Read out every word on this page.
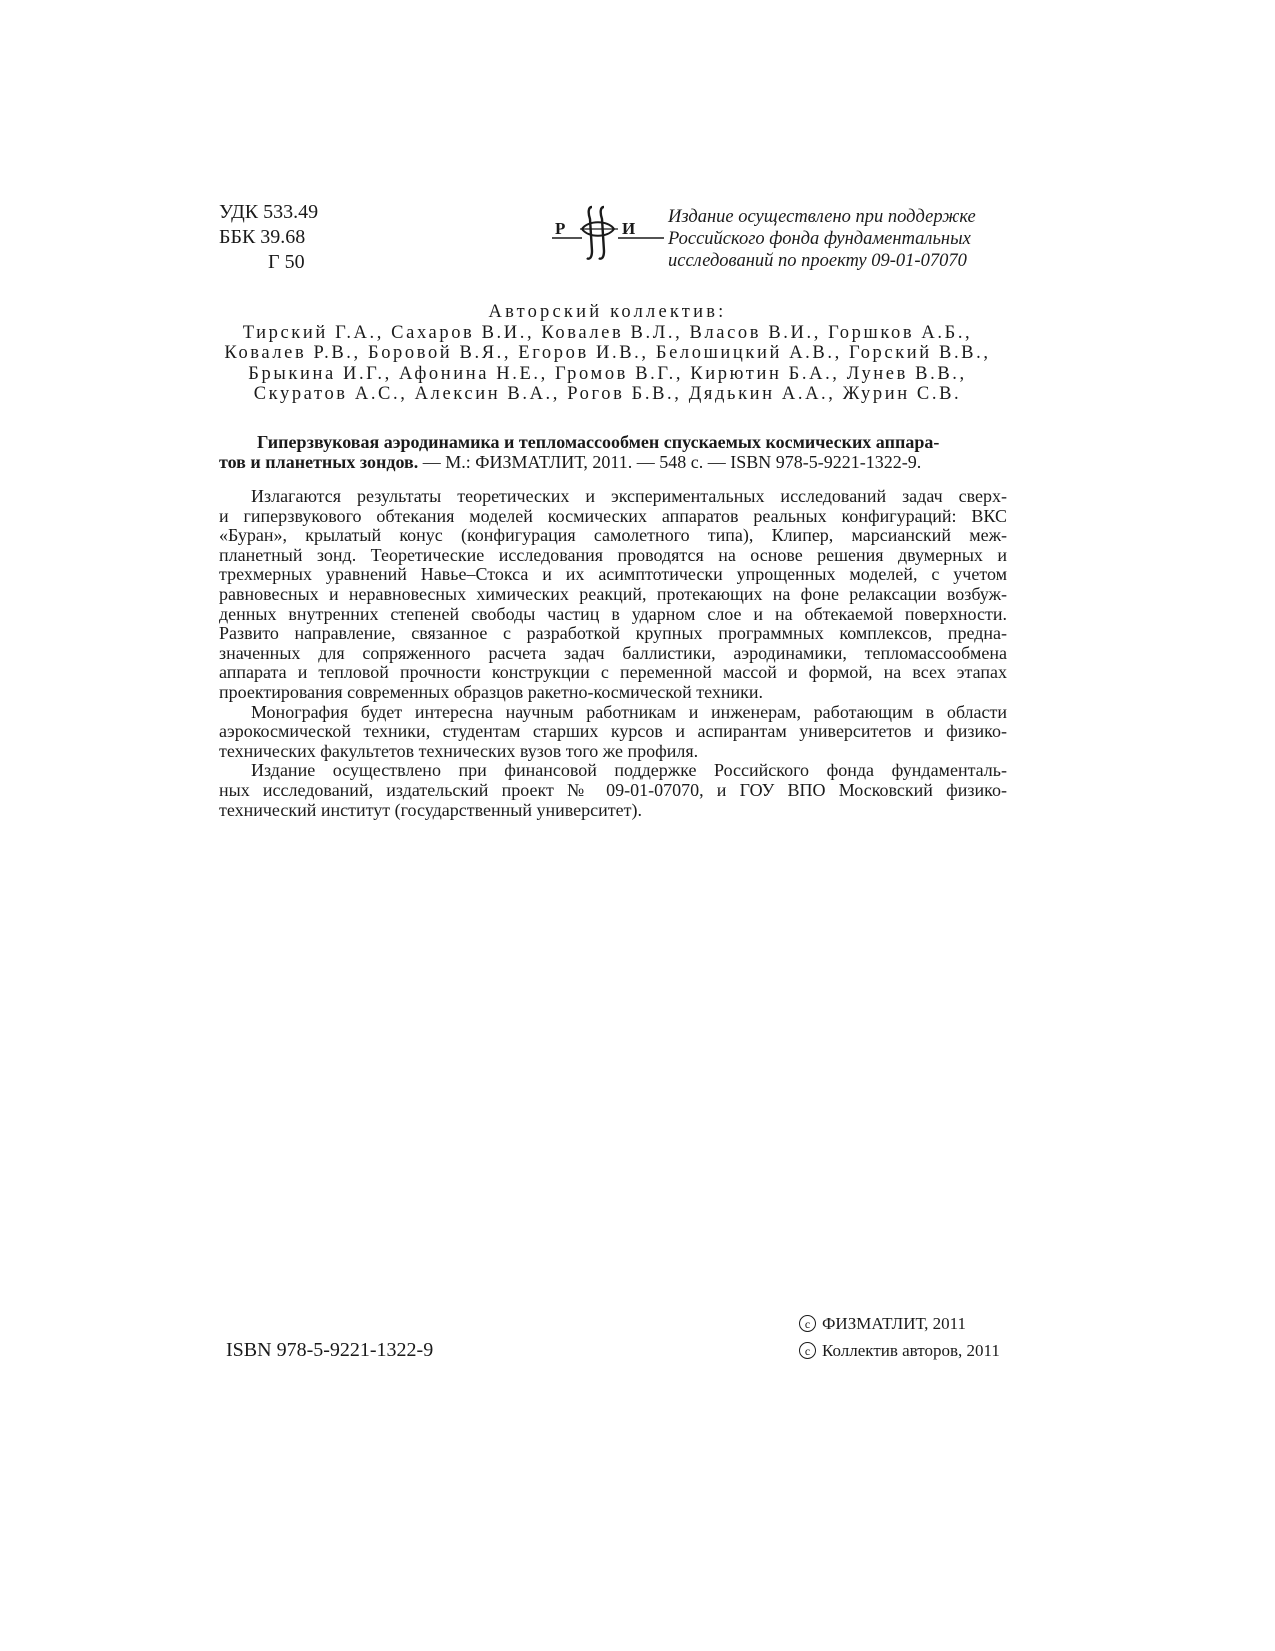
УДК 533.49
ББК 39.68
Г 50
Р	И
Издание осуществлено при поддержке
Российского фонда фундаментальных
исследований по проекту 09-01-07070
Авторский коллектив:
Тирский Г.А., Сахаров В.И., Ковалев В.Л., Власов В.И., Горшков А.Б.,
Ковалев Р.В., Боровой В.Я., Егоров И.В., Белошицкий А.В., Горский В.В.,
Брыкина И.Г., Афонина Н.Е., Громов В.Г., Кирютин Б.А., Лунев В.В.,
Скуратов А.С., Алексин В.А., Рогов Б.В., Дядькин А.А., Журин С.В.
Гиперзвуковая аэродинамика и тепломассообмен спускаемых космических аппара-
тов и планетных зондов. — М.: ФИЗМАТЛИТ, 2011. — 548 с. — ISBN 978-5-9221-1322-9.
Излагаются результаты теоретических и экспериментальных исследований задач сверх-
и гиперзвукового обтекания моделей космических аппаратов реальных конфигураций: ВКС
«Буран», крылатый конус (конфигурация самолетного типа), Клипер, марсианский меж-
планетный зонд. Теоретические исследования проводятся на основе решения двумерных и
трехмерных уравнений Навье–Стокса и их асимптотически упрощенных моделей, с учетом
равновесных и неравновесных химических реакций, протекающих на фоне релаксации возбуж-
денных внутренних степеней свободы частиц в ударном слое и на обтекаемой поверхности.
Развито направление, связанное с разработкой крупных программных комплексов, предна-
значенных для сопряженного расчета задач баллистики, аэродинамики, тепломассообмена
аппарата и тепловой прочности конструкции с переменной массой и формой, на всех этапах
проектирования современных образцов ракетно-космической техники.
Монография будет интересна научным работникам и инженерам, работающим в области
аэрокосмической техники, студентам старших курсов и аспирантам университетов и физико-
технических факультетов технических вузов того же профиля.
Издание осуществлено при финансовой поддержке Российского фонда фундаменталь-
ных исследований, издательский проект № 09-01-07070, и ГОУ ВПО Московский физико-
технический институт (государственный университет).
ISBN 978-5-9221-1322-9
c ФИЗМАТЛИТ, 2011
c Коллектив авторов, 2011
